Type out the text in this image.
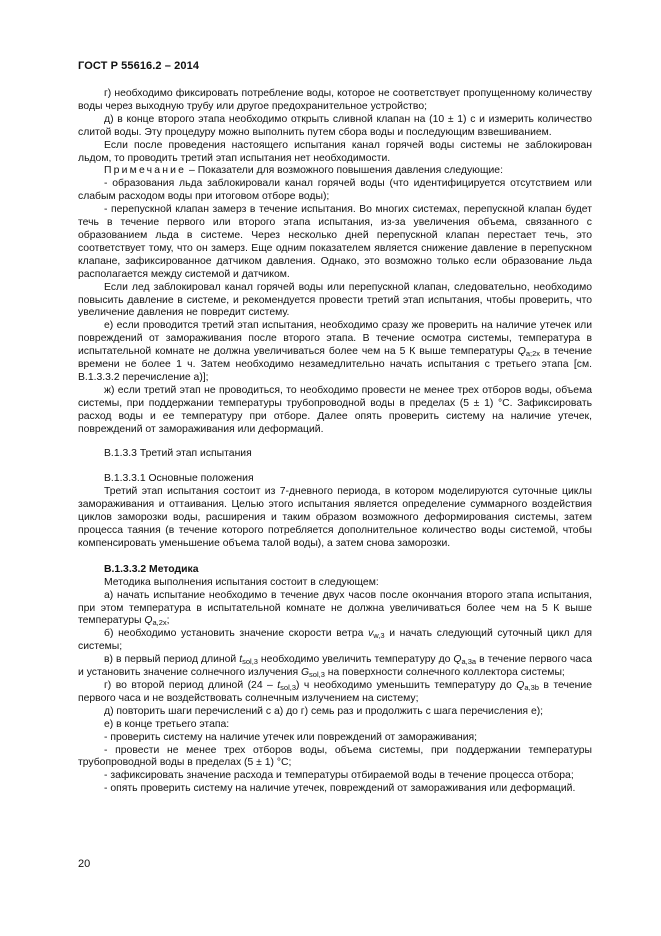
ГОСТ Р 55616.2 – 2014

г) необходимо фиксировать потребление воды, которое не соответствует пропущенному количеству воды через выходную трубу или другое предохранительное устройство;

д) в конце второго этапа необходимо открыть сливной клапан на (10 ± 1) с и измерить количество слитой воды. Эту процедуру можно выполнить путем сбора воды и последующим взвешиванием.

Если после проведения настоящего испытания канал горячей воды системы не заблокирован льдом, то проводить третий этап испытания нет необходимости.

Примечание – Показатели для возможного повышения давления следующие:

- образования льда заблокировали канал горячей воды (что идентифицируется отсутствием или слабым расходом воды при итоговом отборе воды);

- перепускной клапан замерз в течение испытания. Во многих системах, перепускной клапан будет течь в течение первого или второго этапа испытания, из-за увеличения объема, связанного с образованием льда в системе. Через несколько дней перепускной клапан перестает течь, это соответствует тому, что он замерз. Еще одним показателем является снижение давление в перепускном клапане, зафиксированное датчиком давления. Однако, это возможно только если образование льда располагается между системой и датчиком.

Если лед заблокировал канал горячей воды или перепускной клапан, следовательно, необходимо повысить давление в системе, и рекомендуется провести третий этап испытания, чтобы проверить, что увеличение давления не повредит систему.

е) если проводится третий этап испытания, необходимо сразу же проверить на наличие утечек или повреждений от замораживания после второго этапа. В течение осмотра системы, температура в испытательной комнате не должна увеличиваться более чем на 5 К выше температуры $Q_{a;2x}$ в течение времени не более 1 ч. Затем необходимо незамедлительно начать испытания с третьего этапа [см. В.1.3.3.2 перечисление а)];

ж) если третий этап не проводиться, то необходимо провести не менее трех отборов воды, объема системы, при поддержании температуры трубопроводной воды в пределах (5 ± 1) °С. Зафиксировать расход воды и ее температуру при отборе. Далее опять проверить систему на наличие утечек, повреждений от замораживания или деформаций.

В.1.3.3 Третий этап испытания

В.1.3.3.1 Основные положения

Третий этап испытания состоит из 7-дневного периода, в котором моделируются суточные циклы замораживания и оттаивания. Целью этого испытания является определение суммарного воздействия циклов заморозки воды, расширения и таким образом возможного деформирования системы, затем процесса таяния (в течение которого потребляется дополнительное количество воды системой, чтобы компенсировать уменьшение объема талой воды), а затем снова заморозки.

В.1.3.3.2 Методика

Методика выполнения испытания состоит в следующем:

а) начать испытание необходимо в течение двух часов после окончания второго этапа испытания, при этом температура в испытательной комнате не должна увеличиваться более чем на 5 К выше температуры $Q_{a,2x}$;

б) необходимо установить значение скорости ветра $v_{w,3}$ и начать следующий суточный цикл для системы;

в) в первый период длиной $t_{sol,3}$ необходимо увеличить температуру до $Q_{a,3a}$ в течение первого часа и установить значение солнечного излучения $G_{sol,3}$ на поверхности солнечного коллектора системы;

г) во второй период длиной $(24 - t_{sol,3})$ ч необходимо уменьшить температуру до $Q_{a,3b}$ в течение первого часа и не воздействовать солнечным излучением на систему;

д) повторить шаги перечислений с а) до г) семь раз и продолжить с шага перечисления е);

е) в конце третьего этапа:

- проверить систему на наличие утечек или повреждений от замораживания;

- провести не менее трех отборов воды, объема системы, при поддержании температуры трубопроводной воды в пределах (5 ± 1) °С;

- зафиксировать значение расхода и температуры отбираемой воды в течение процесса отбора;

- опять проверить систему на наличие утечек, повреждений от замораживания или деформаций.

20
